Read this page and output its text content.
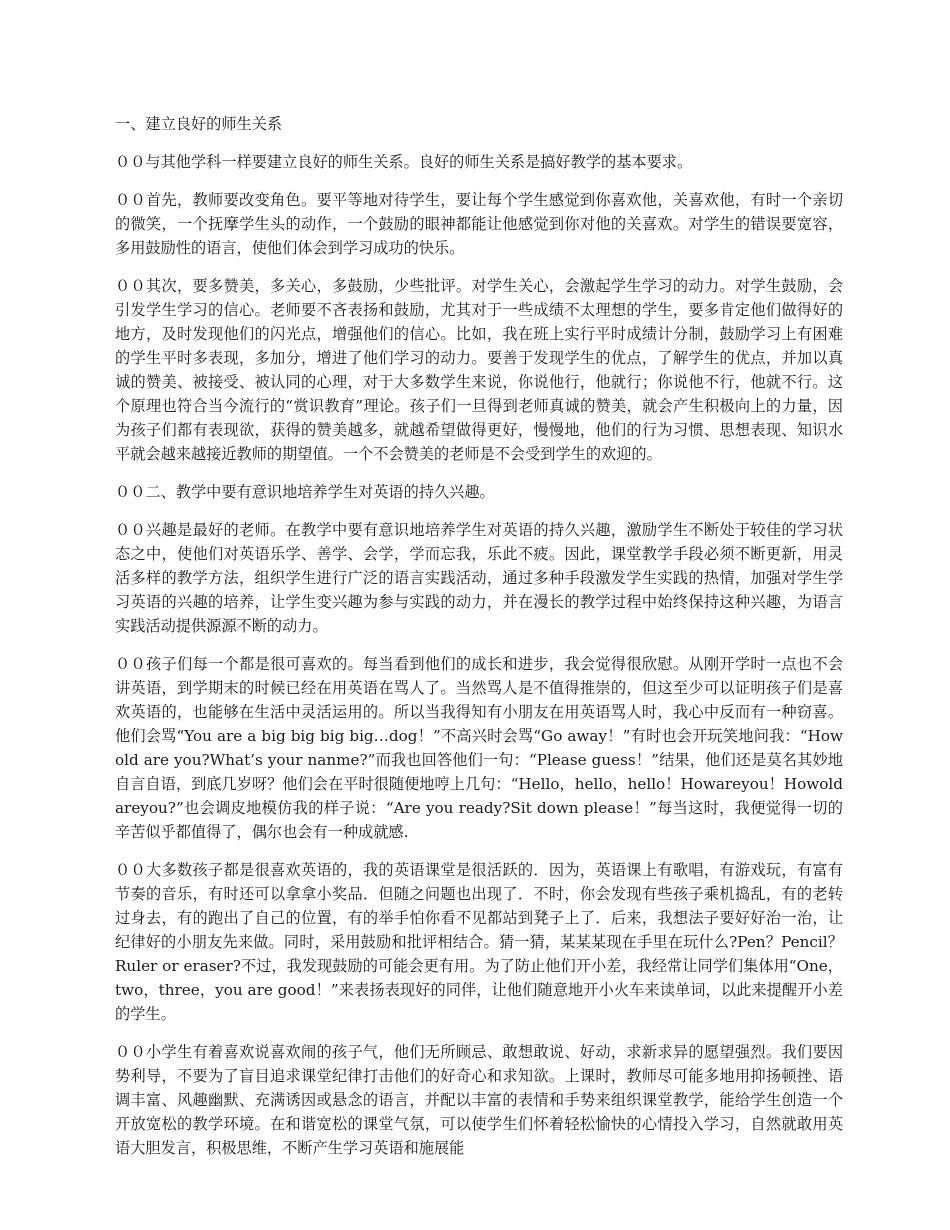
一、建立良好的师生关系

００与其他学科一样要建立良好的师生关系。良好的师生关系是搞好教学的基本要求。

００首先，教师要改变角色。要平等地对待学生，要让每个学生感觉到你喜欢他，关喜欢他，有时一个亲切的微笑，一个抚摩学生头的动作，一个鼓励的眼神都能让他感觉到你对他的关喜欢。对学生的错误要宽容，多用鼓励性的语言，使他们体会到学习成功的快乐。

００其次，要多赞美，多关心，多鼓励，少些批评。对学生关心，会激起学生学习的动力。对学生鼓励，会引发学生学习的信心。老师要不吝表扬和鼓励，尤其对于一些成绩不太理想的学生，要多肯定他们做得好的地方，及时发现他们的闪光点，增强他们的信心。比如，我在班上实行平时成绩计分制，鼓励学习上有困难的学生平时多表现，多加分，增进了他们学习的动力。要善于发现学生的优点，了解学生的优点，并加以真诚的赞美、被接受、被认同的心理，对于大多数学生来说，你说他行，他就行；你说他不行，他就不行。这个原理也符合当今流行的“赏识教育”理论。孩子们一旦得到老师真诚的赞美，就会产生积极向上的力量，因为孩子们都有表现欲，获得的赞美越多，就越希望做得更好，慢慢地，他们的行为习惯、思想表现、知识水平就会越来越接近教师的期望值。一个不会赞美的老师是不会受到学生的欢迎的。

００二、教学中要有意识地培养学生对英语的持久兴趣。

００兴趣是最好的老师。在教学中要有意识地培养学生对英语的持久兴趣，激励学生不断处于较佳的学习状态之中，使他们对英语乐学、善学、会学，学而忘我，乐此不疲。因此，课堂教学手段必须不断更新，用灵活多样的教学方法，组织学生进行广泛的语言实践活动，通过多种手段激发学生实践的热情，加强对学生学习英语的兴趣的培养，让学生变兴趣为参与实践的动力，并在漫长的教学过程中始终保持这种兴趣，为语言实践活动提供源源不断的动力。

００孩子们每一个都是很可喜欢的。每当看到他们的成长和进步，我会觉得很欣慰。从刚开学时一点也不会讲英语，到学期末的时候已经在用英语在骂人了。当然骂人是不值得推崇的，但这至少可以证明孩子们是喜欢英语的，也能够在生活中灵活运用的。所以当我得知有小朋友在用英语骂人时，我心中反而有一种窃喜。他们会骂“You are a big big big big…dog！”不高兴时会骂“Go away！”有时也会开玩笑地问我：“How old are you?What’s your nanme?”而我也回答他们一句：“Please guess！”结果，他们还是莫名其妙地自言自语，到底几岁呀？他们会在平时很随便地哼上几句：“Hello，hello，hello！Howareyou！Howoldareyou?”也会调皮地模仿我的样子说：“Are you ready?Sit down please！”每当这时，我便觉得一切的辛苦似乎都值得了，偶尔也会有一种成就感.

００大多数孩子都是很喜欢英语的，我的英语课堂是很活跃的．因为，英语课上有歌唱，有游戏玩，有富有节奏的音乐，有时还可以拿拿小奖品．但随之问题也出现了．不时，你会发现有些孩子乘机捣乱，有的老转过身去，有的跑出了自己的位置，有的举手怕你看不见都站到凳子上了．后来，我想法子要好好治一治，让纪律好的小朋友先来做。同时，采用鼓励和批评相结合。猜一猜，某某某现在手里在玩什么?Pen？Pencil？Ruler or eraser?不过，我发现鼓励的可能会更有用。为了防止他们开小差，我经常让同学们集体用“One，two，three，you are good！”来表扬表现好的同伴，让他们随意地开小火车来读单词，以此来提醒开小差的学生。

００小学生有着喜欢说喜欢闹的孩子气，他们无所顾忌、敢想敢说、好动，求新求异的愿望强烈。我们要因势利导，不要为了盲目追求课堂纪律打击他们的好奇心和求知欲。上课时，教师尽可能多地用抑扬顿挫、语调丰富、风趣幽默、充满诱因或悬念的语言，并配以丰富的表情和手势来组织课堂教学，能给学生创造一个开放宽松的教学环境。在和谐宽松的课堂气氛，可以使学生们怀着轻松愉快的心情投入学习，自然就敢用英语大胆发言，积极思维，不断产生学习英语和施展能
